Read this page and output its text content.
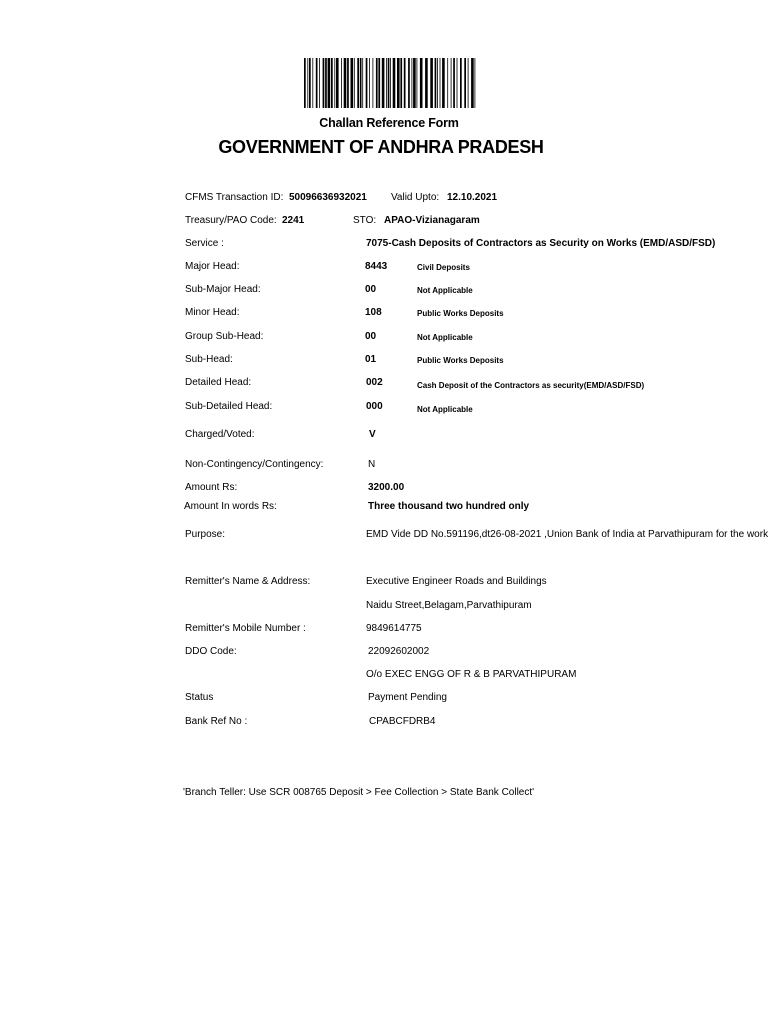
Challan Reference Form
GOVERNMENT OF ANDHRA PRADESH
CFMS Transaction ID: 50096636932021 Valid Upto: 12.10.2021
Treasury/PAO Code: 2241	STO: APAO-Vizianagaram
Service :	7075-Cash Deposits of Contractors as Security on Works (EMD/ASD/FSD)
Major Head:	8443	Civil Deposits
Sub-Major Head:	00	Not Applicable
Minor Head:	108	Public Works Deposits
Group Sub-Head:	00	Not Applicable
Sub-Head:	01	Public Works Deposits
Detailed Head:	002	Cash Deposit of the Contractors as security(EMD/ASD/FSD)
Sub-Detailed Head:	000	Not Applicable
Charged/Voted:	V
Non-Contingency/Contingency:	N
Amount Rs:	3200.00
Amount In words Rs:	Three thousand two hundred only
Purpose:	EMD Vide DD No.591196,dt26-08-2021 ,Union Bank of India at Parvathipuram for the work
Remitter's Name & Address:	Executive Engineer Roads and Buildings
Naidu Street,Belagam,Parvathipuram
Remitter's Mobile Number :	9849614775
DDO Code:	22092602002
O/o EXEC ENGG OF R & B PARVATHIPURAM
Status	Payment Pending
Bank Ref No :	CPABCFDRB4
'Branch Teller: Use SCR 008765 Deposit > Fee Collection > State Bank Collect'
